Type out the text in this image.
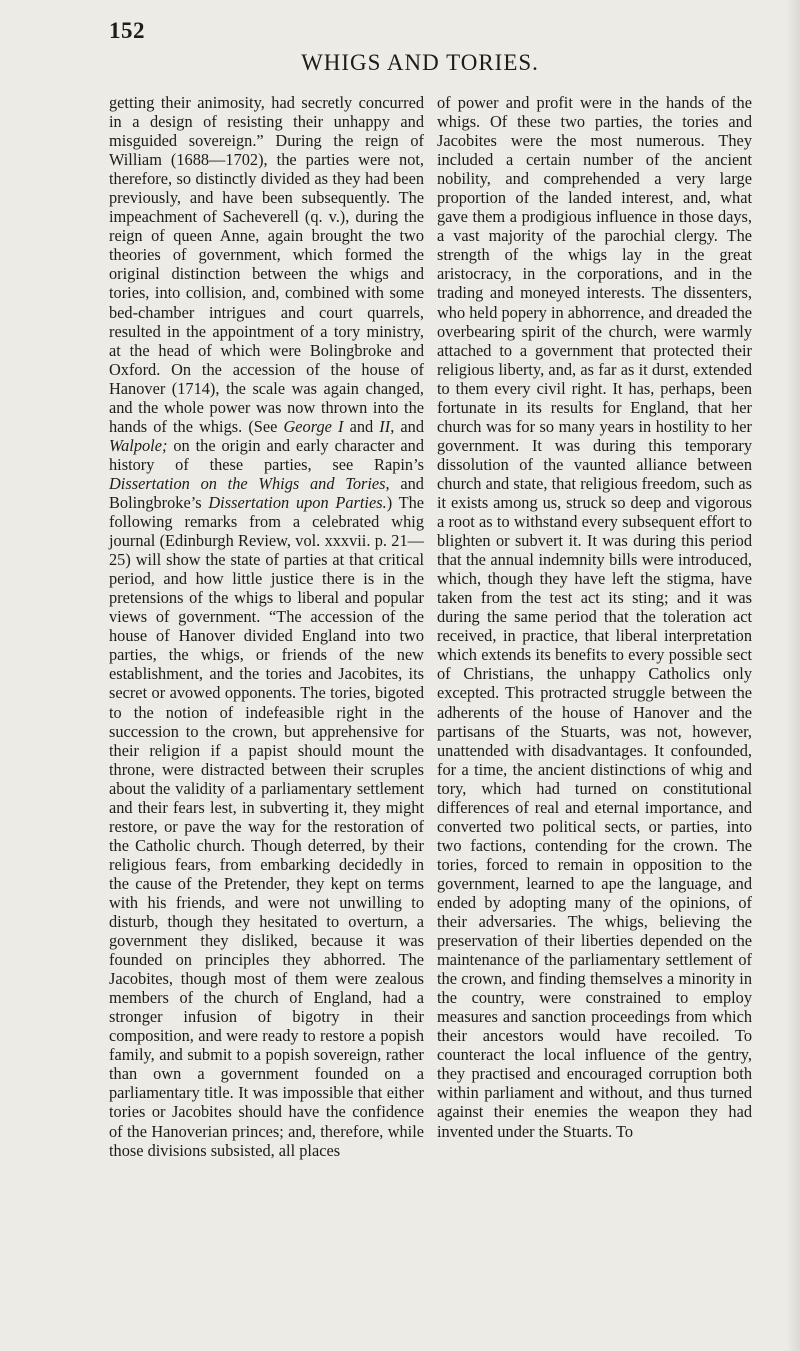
152
WHIGS AND TORIES.

getting their animosity, had secretly concurred in a design of resisting their unhappy and misguided sovereign.” During the reign of William (1688—1702), the parties were not, therefore, so distinctly divided as they had been previously, and have been subsequently. The impeachment of Sacheverell (q. v.), during the reign of queen Anne, again brought the two theories of government, which formed the original distinction between the whigs and tories, into collision, and, combined with some bed-chamber intrigues and court quarrels, resulted in the appointment of a tory ministry, at the head of which were Bolingbroke and Oxford. On the accession of the house of Hanover (1714), the scale was again changed, and the whole power was now thrown into the hands of the whigs. (See George I and II, and Walpole; on the origin and early character and history of these parties, see Rapin’s Dissertation on the Whigs and Tories, and Bolingbroke’s Dissertation upon Parties.) The following remarks from a celebrated whig journal (Edinburgh Review, vol. xxxvii. p. 21—25) will show the state of parties at that critical period, and how little justice there is in the pretensions of the whigs to liberal and popular views of government. “The accession of the house of Hanover divided England into two parties, the whigs, or friends of the new establishment, and the tories and Jacobites, its secret or avowed opponents. The tories, bigoted to the notion of indefeasible right in the succession to the crown, but apprehensive for their religion if a papist should mount the throne, were distracted between their scruples about the validity of a parliamentary settlement and their fears lest, in subverting it, they might restore, or pave the way for the restoration of the Catholic church. Though deterred, by their religious fears, from embarking decidedly in the cause of the Pretender, they kept on terms with his friends, and were not unwilling to disturb, though they hesitated to overturn, a government they disliked, because it was founded on principles they abhorred. The Jacobites, though most of them were zealous members of the church of England, had a stronger infusion of bigotry in their composition, and were ready to restore a popish family, and submit to a popish sovereign, rather than own a government founded on a parliamentary title. It was impossible that either tories or Jacobites should have the confidence of the Hanoverian princes; and, therefore, while those divisions subsisted, all places

of power and profit were in the hands of the whigs. Of these two parties, the tories and Jacobites were the most numerous. They included a certain number of the ancient nobility, and comprehended a very large proportion of the landed interest, and, what gave them a prodigious influence in those days, a vast majority of the parochial clergy. The strength of the whigs lay in the great aristocracy, in the corporations, and in the trading and moneyed interests. The dissenters, who held popery in abhorrence, and dreaded the overbearing spirit of the church, were warmly attached to a government that protected their religious liberty, and, as far as it durst, extended to them every civil right. It has, perhaps, been fortunate in its results for England, that her church was for so many years in hostility to her government. It was during this temporary dissolution of the vaunted alliance between church and state, that religious freedom, such as it exists among us, struck so deep and vigorous a root as to withstand every subsequent effort to blighten or subvert it. It was during this period that the annual indemnity bills were introduced, which, though they have left the stigma, have taken from the test act its sting; and it was during the same period that the toleration act received, in practice, that liberal interpretation which extends its benefits to every possible sect of Christians, the unhappy Catholics only excepted. This protracted struggle between the adherents of the house of Hanover and the partisans of the Stuarts, was not, however, unattended with disadvantages. It confounded, for a time, the ancient distinctions of whig and tory, which had turned on constitutional differences of real and eternal importance, and converted two political sects, or parties, into two factions, contending for the crown. The tories, forced to remain in opposition to the government, learned to ape the language, and ended by adopting many of the opinions, of their adversaries. The whigs, believing the preservation of their liberties depended on the maintenance of the parliamentary settlement of the crown, and finding themselves a minority in the country, were constrained to employ measures and sanction proceedings from which their ancestors would have recoiled. To counteract the local influence of the gentry, they practised and encouraged corruption both within parliament and without, and thus turned against their enemies the weapon they had invented under the Stuarts. To
